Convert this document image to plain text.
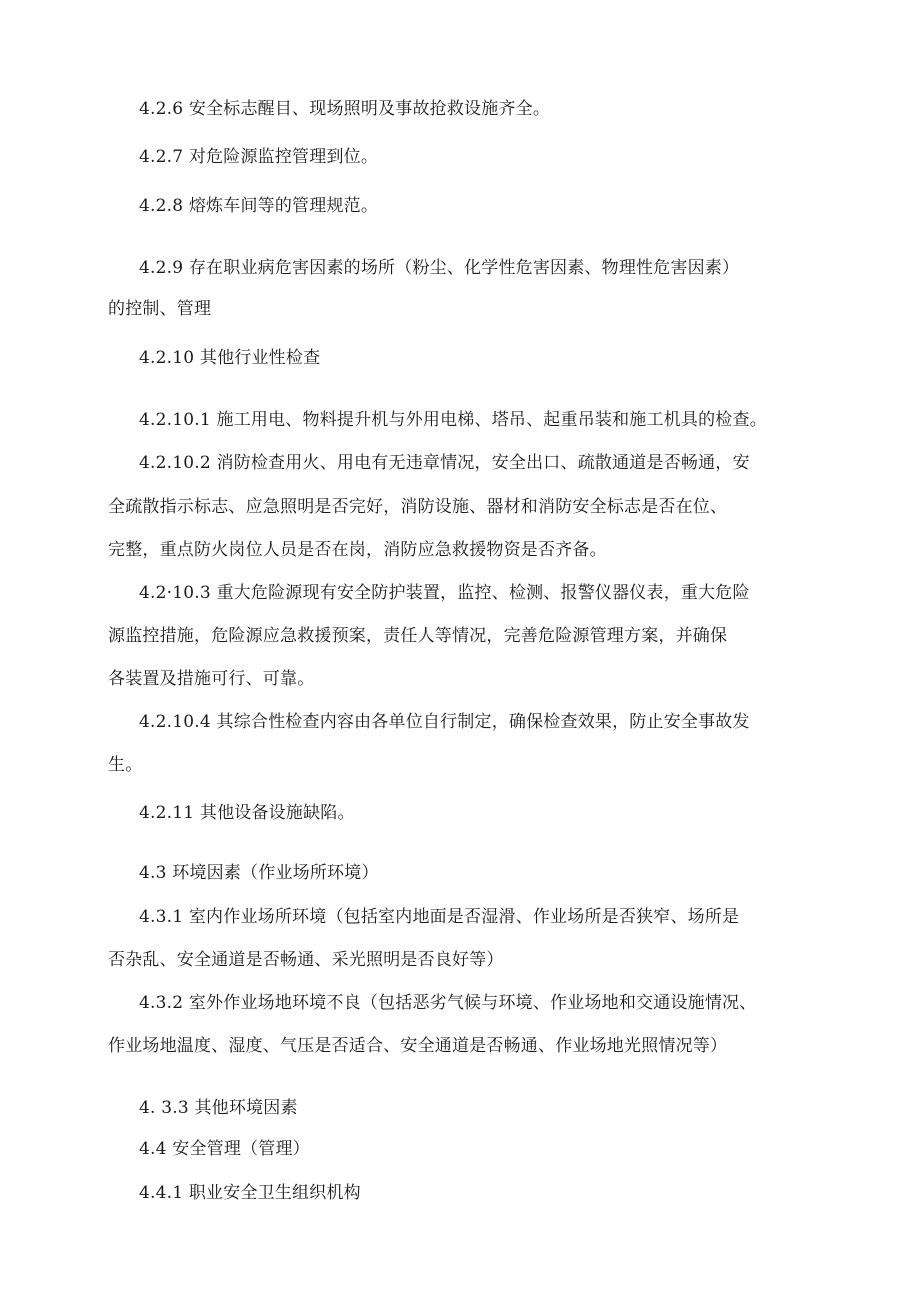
4.2.6 安全标志醒目、现场照明及事故抢救设施齐全。
4.2.7 对危险源监控管理到位。
4.2.8 熔炼车间等的管理规范。
4.2.9 存在职业病危害因素的场所（粉尘、化学性危害因素、物理性危害因素）
的控制、管理
4.2.10 其他行业性检查
4.2.10.1 施工用电、物料提升机与外用电梯、塔吊、起重吊装和施工机具的检查。
4.2.10.2 消防检查用火、用电有无违章情况，安全出口、疏散通道是否畅通，安
全疏散指示标志、应急照明是否完好，消防设施、器材和消防安全标志是否在位、
完整，重点防火岗位人员是否在岗，消防应急救援物资是否齐备。
4.2·10.3 重大危险源现有安全防护装置，监控、检测、报警仪器仪表，重大危险
源监控措施，危险源应急救援预案，责任人等情况，完善危险源管理方案，并确保
各装置及措施可行、可靠。
4.2.10.4 其综合性检查内容由各单位自行制定，确保检查效果，防止安全事故发
生。
4.2.11 其他设备设施缺陷。
4.3 环境因素（作业场所环境）
4.3.1 室内作业场所环境（包括室内地面是否湿滑、作业场所是否狭窄、场所是
否杂乱、安全通道是否畅通、采光照明是否良好等）
4.3.2 室外作业场地环境不良（包括恶劣气候与环境、作业场地和交通设施情况、
作业场地温度、湿度、气压是否适合、安全通道是否畅通、作业场地光照情况等）
4. 3.3 其他环境因素
4.4 安全管理（管理）
4.4.1 职业安全卫生组织机构
